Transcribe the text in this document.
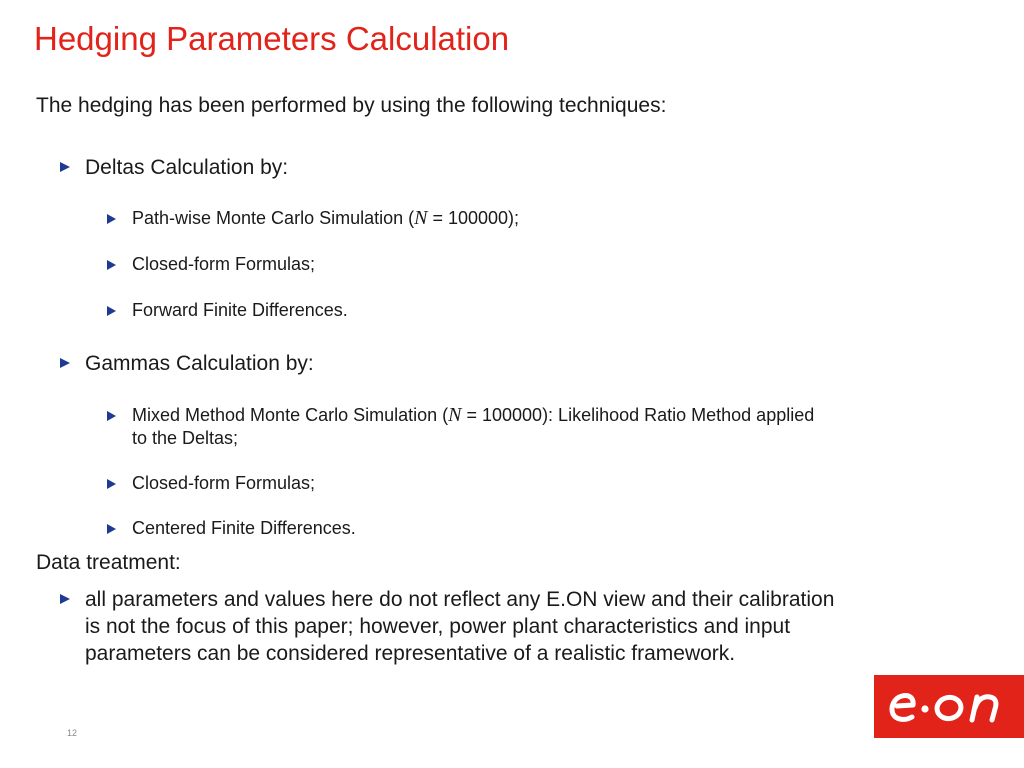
Hedging Parameters Calculation
The hedging has been performed by using the following techniques:
Deltas Calculation by:
Path-wise Monte Carlo Simulation (N = 100000);
Closed-form Formulas;
Forward Finite Differences.
Gammas Calculation by:
Mixed Method Monte Carlo Simulation (N = 100000): Likelihood Ratio Method applied
to the Deltas;
Closed-form Formulas;
Centered Finite Differences.
Data treatment:
all parameters and values here do not reflect any E.ON view and their calibration
is not the focus of this paper; however, power plant characteristics and input
parameters can be considered representative of a realistic framework.
12
